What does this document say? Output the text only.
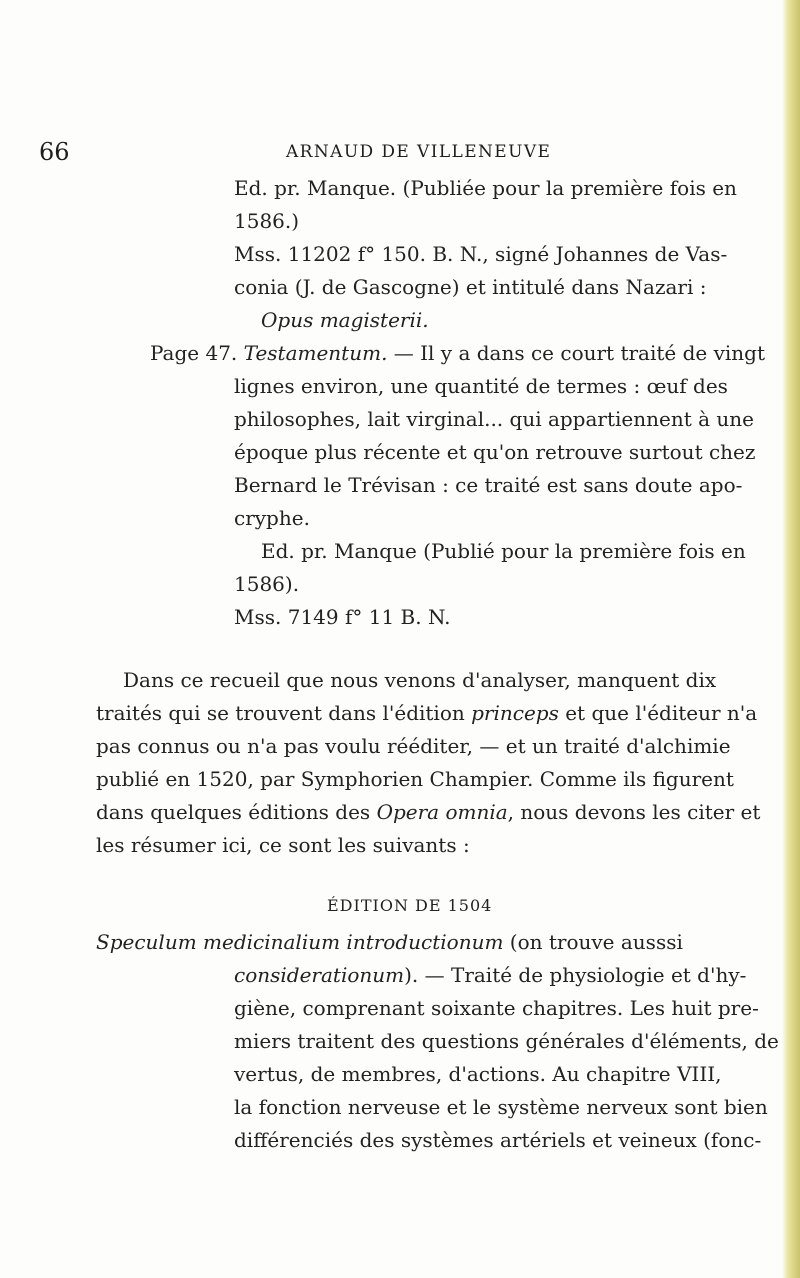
66	ARNAUD DE VILLENEUVE
Ed. pr. Manque. (Publiée pour la première fois en
1586.)
Mss. 11202 f° 150. B. N., signé Johannes de Vas-
conia (J. de Gascogne) et intitulé dans Nazari :
Opus magisterii.
Page 47. Testamentum. — Il y a dans ce court traité de vingt
lignes environ, une quantité de termes : œuf des
philosophes, lait virginal... qui appartiennent à une
époque plus récente et qu'on retrouve surtout chez
Bernard le Trévisan : ce traité est sans doute apo-
cryphe.
Ed. pr. Manque (Publié pour la première fois en
1586).
Mss. 7149 f° 11 B. N.
Dans ce recueil que nous venons d'analyser, manquent dix
traités qui se trouvent dans l'édition princeps et que l'éditeur n'a
pas connus ou n'a pas voulu rééditer, — et un traité d'alchimie
publié en 1520, par Symphorien Champier. Comme ils figurent
dans quelques éditions des Opera omnia, nous devons les citer et
les résumer ici, ce sont les suivants :
ÉDITION DE 1504
Speculum medicinalium introductionum (on trouve ausssi
considerationum). — Traité de physiologie et d'hy-
giène, comprenant soixante chapitres. Les huit pre-
miers traitent des questions générales d'éléments, de
vertus, de membres, d'actions. Au chapitre VIII,
la fonction nerveuse et le système nerveux sont bien
différenciés des systèmes artériels et veineux (fonc-
